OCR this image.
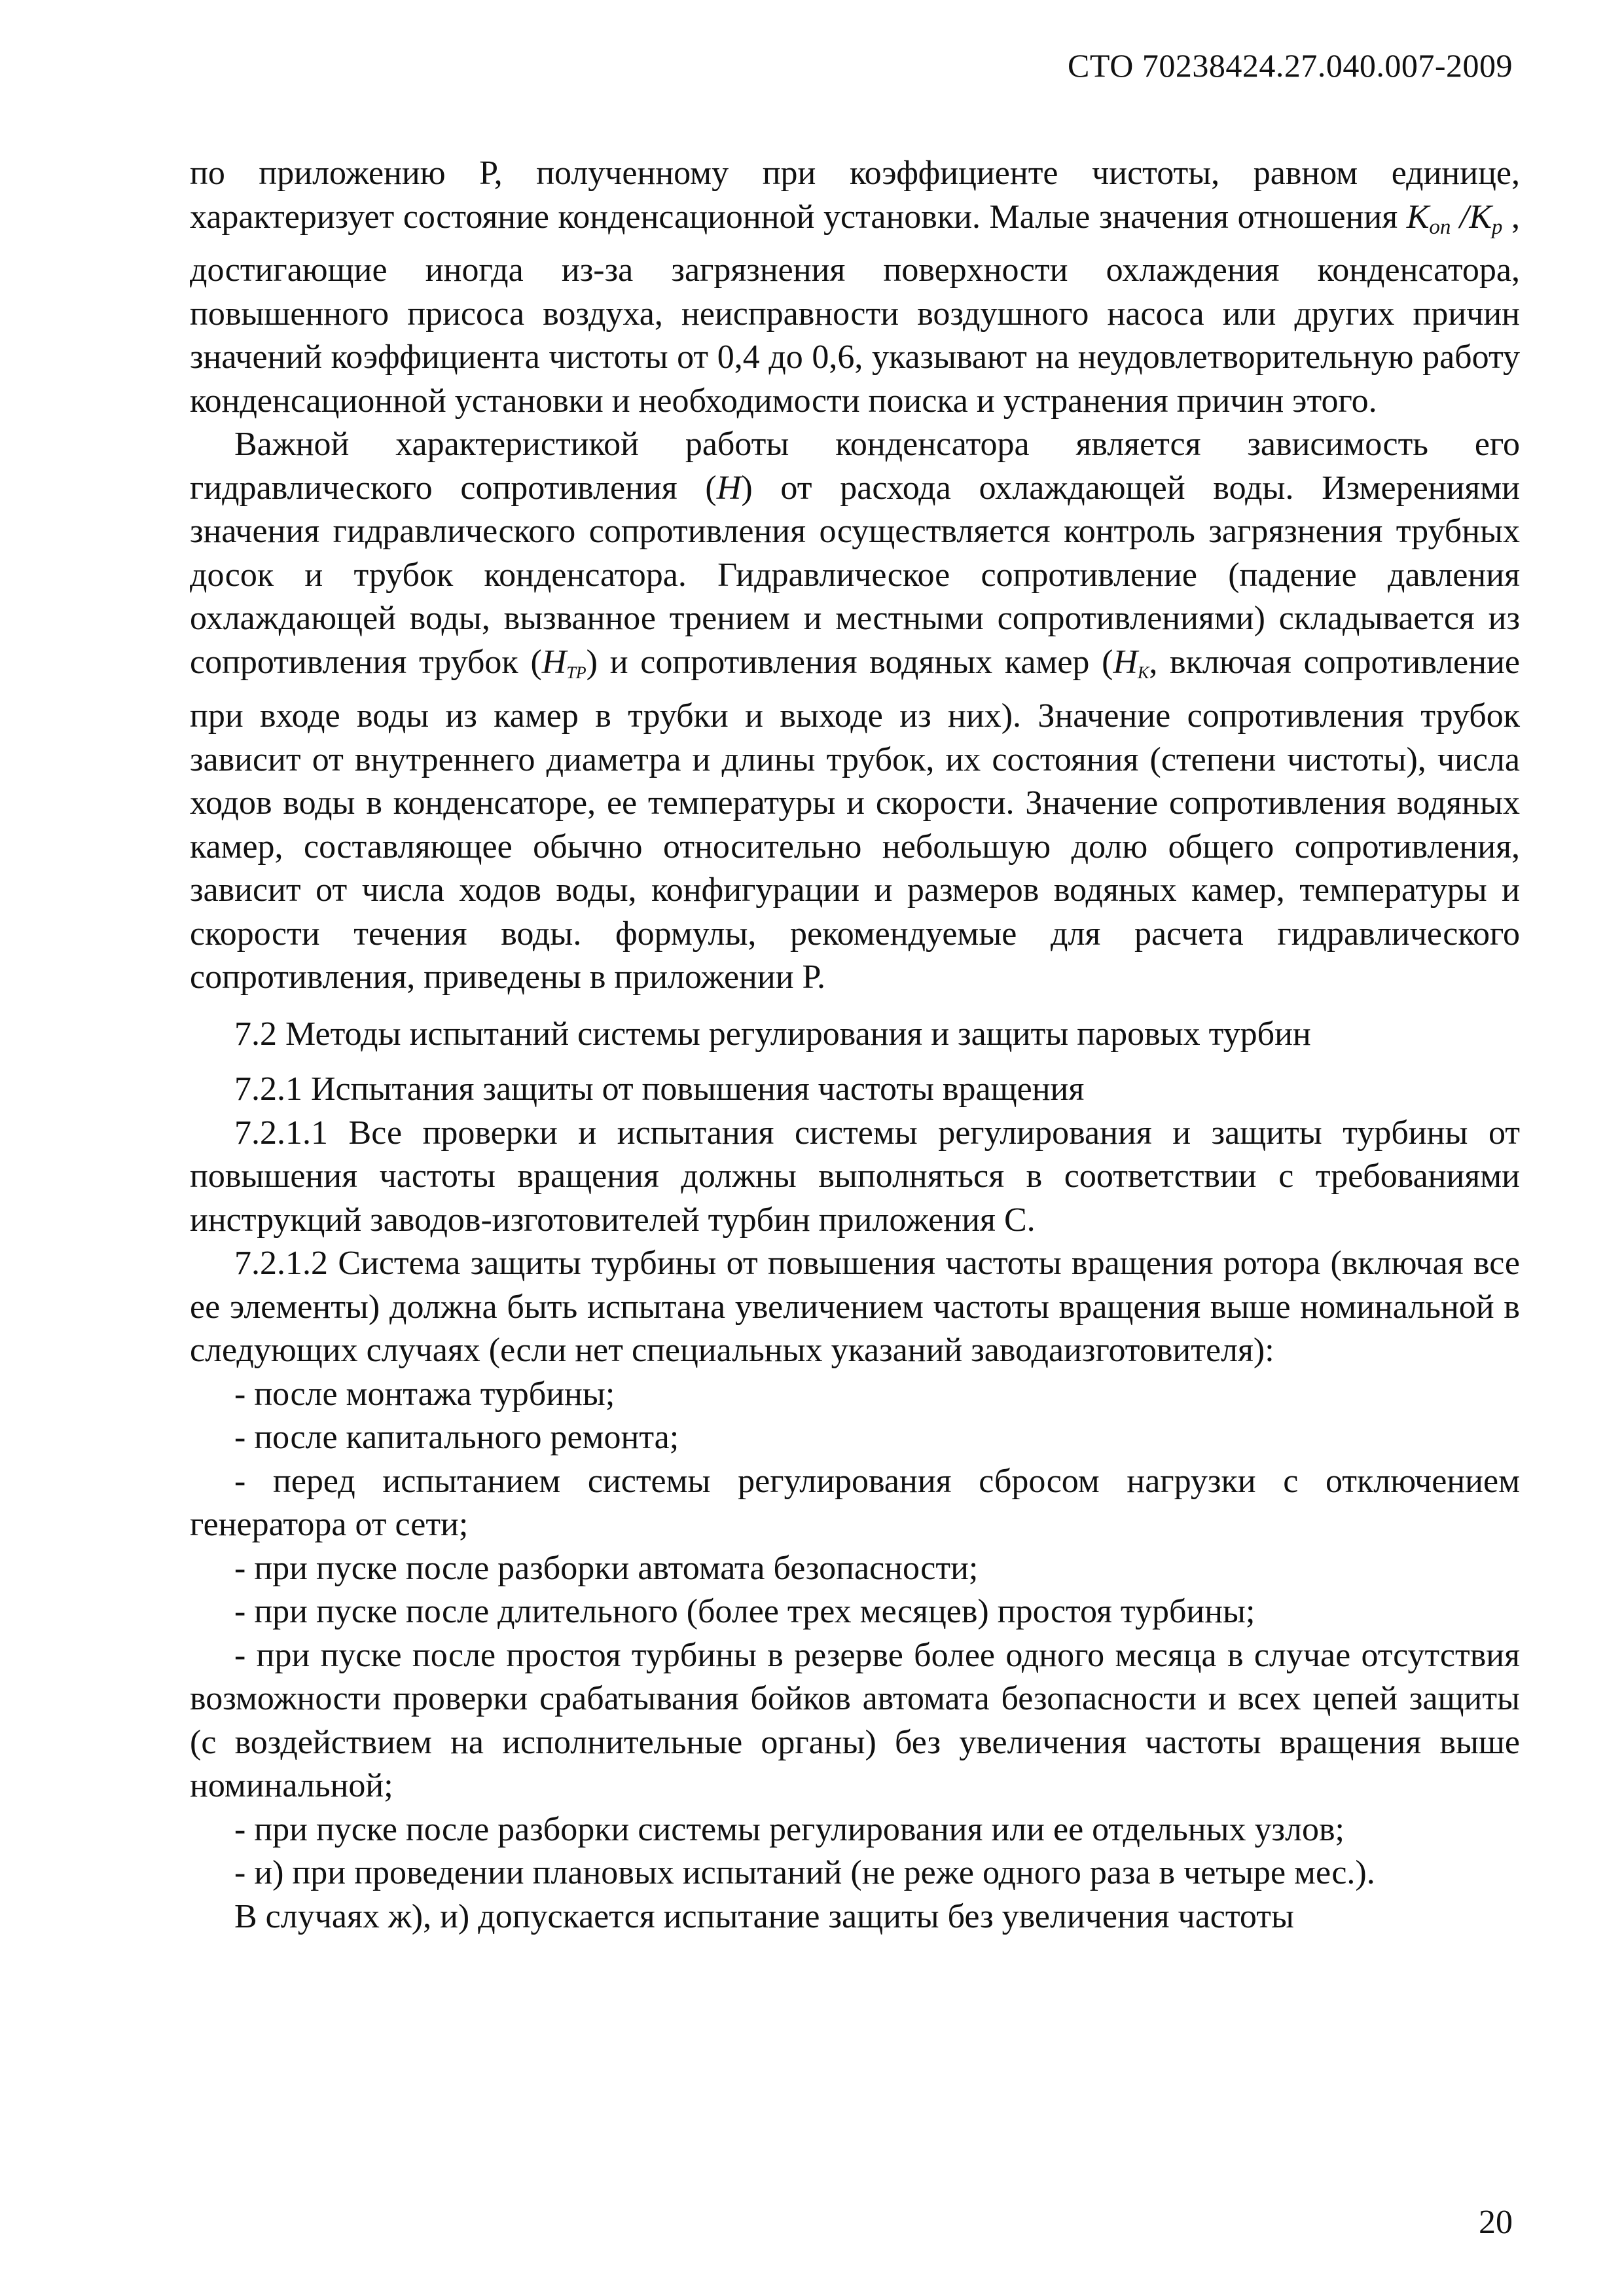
СТО 70238424.27.040.007-2009

по приложению Р, полученному при коэффициенте чистоты, равном единице, характеризует состояние конденсационной установки. Малые значения отношения $К_{оп}$ $/К_р$ , достигающие иногда из-за загрязнения поверхности охлаждения конденсатора, повышенного присоса воздуха, неисправности воздушного насоса или других причин значений коэффициента чистоты от 0,4 до 0,6, указывают на неудовлетворительную работу конденсационной установки и необходимости поиска и устранения причин этого.

Важной характеристикой работы конденсатора является зависимость его гидравлического сопротивления (Н) от расхода охлаждающей воды. Измерениями значения гидравлического сопротивления осуществляется контроль загрязнения трубных досок и трубок конденсатора. Гидравлическое сопротивление (падение давления охлаждающей воды, вызванное трением и местными сопротивлениями) складывается из сопротивления трубок (НТР) и сопротивления водяных камер (НК, включая сопротивление при входе воды из камер в трубки и выходе из них). Значение сопротивления трубок зависит от внутреннего диаметра и длины трубок, их состояния (степени чистоты), числа ходов воды в конденсаторе, ее температуры и скорости. Значение сопротивления водяных камер, составляющее обычно относительно небольшую долю общего сопротивления, зависит от числа ходов воды, конфигурации и размеров водяных камер, температуры и скорости течения воды. формулы, рекомендуемые для расчета гидравлического сопротивления, приведены в приложении Р.

7.2 Методы испытаний системы регулирования и защиты паровых турбин

7.2.1 Испытания защиты от повышения частоты вращения

7.2.1.1 Все проверки и испытания системы регулирования и защиты турбины от повышения частоты вращения должны выполняться в соответствии с требованиями инструкций заводов-изготовителей турбин приложения С.

7.2.1.2 Система защиты турбины от повышения частоты вращения ротора (включая все ее элементы) должна быть испытана увеличением частоты вращения выше номинальной в следующих случаях (если нет специальных указаний заводаизготовителя):

- после монтажа турбины;

- после капитального ремонта;

- перед испытанием системы регулирования сбросом нагрузки с отключением генератора от сети;

- при пуске после разборки автомата безопасности;

- при пуске после длительного (более трех месяцев) простоя турбины;

- при пуске после простоя турбины в резерве более одного месяца в случае отсутствия возможности проверки срабатывания бойков автомата безопасности и всех цепей защиты (с воздействием на исполнительные органы) без увеличения частоты вращения выше номинальной;

- при пуске после разборки системы регулирования или ее отдельных узлов;

- и) при проведении плановых испытаний (не реже одного раза в четыре мес.).

В случаях ж), и) допускается испытание защиты без увеличения частоты

20
